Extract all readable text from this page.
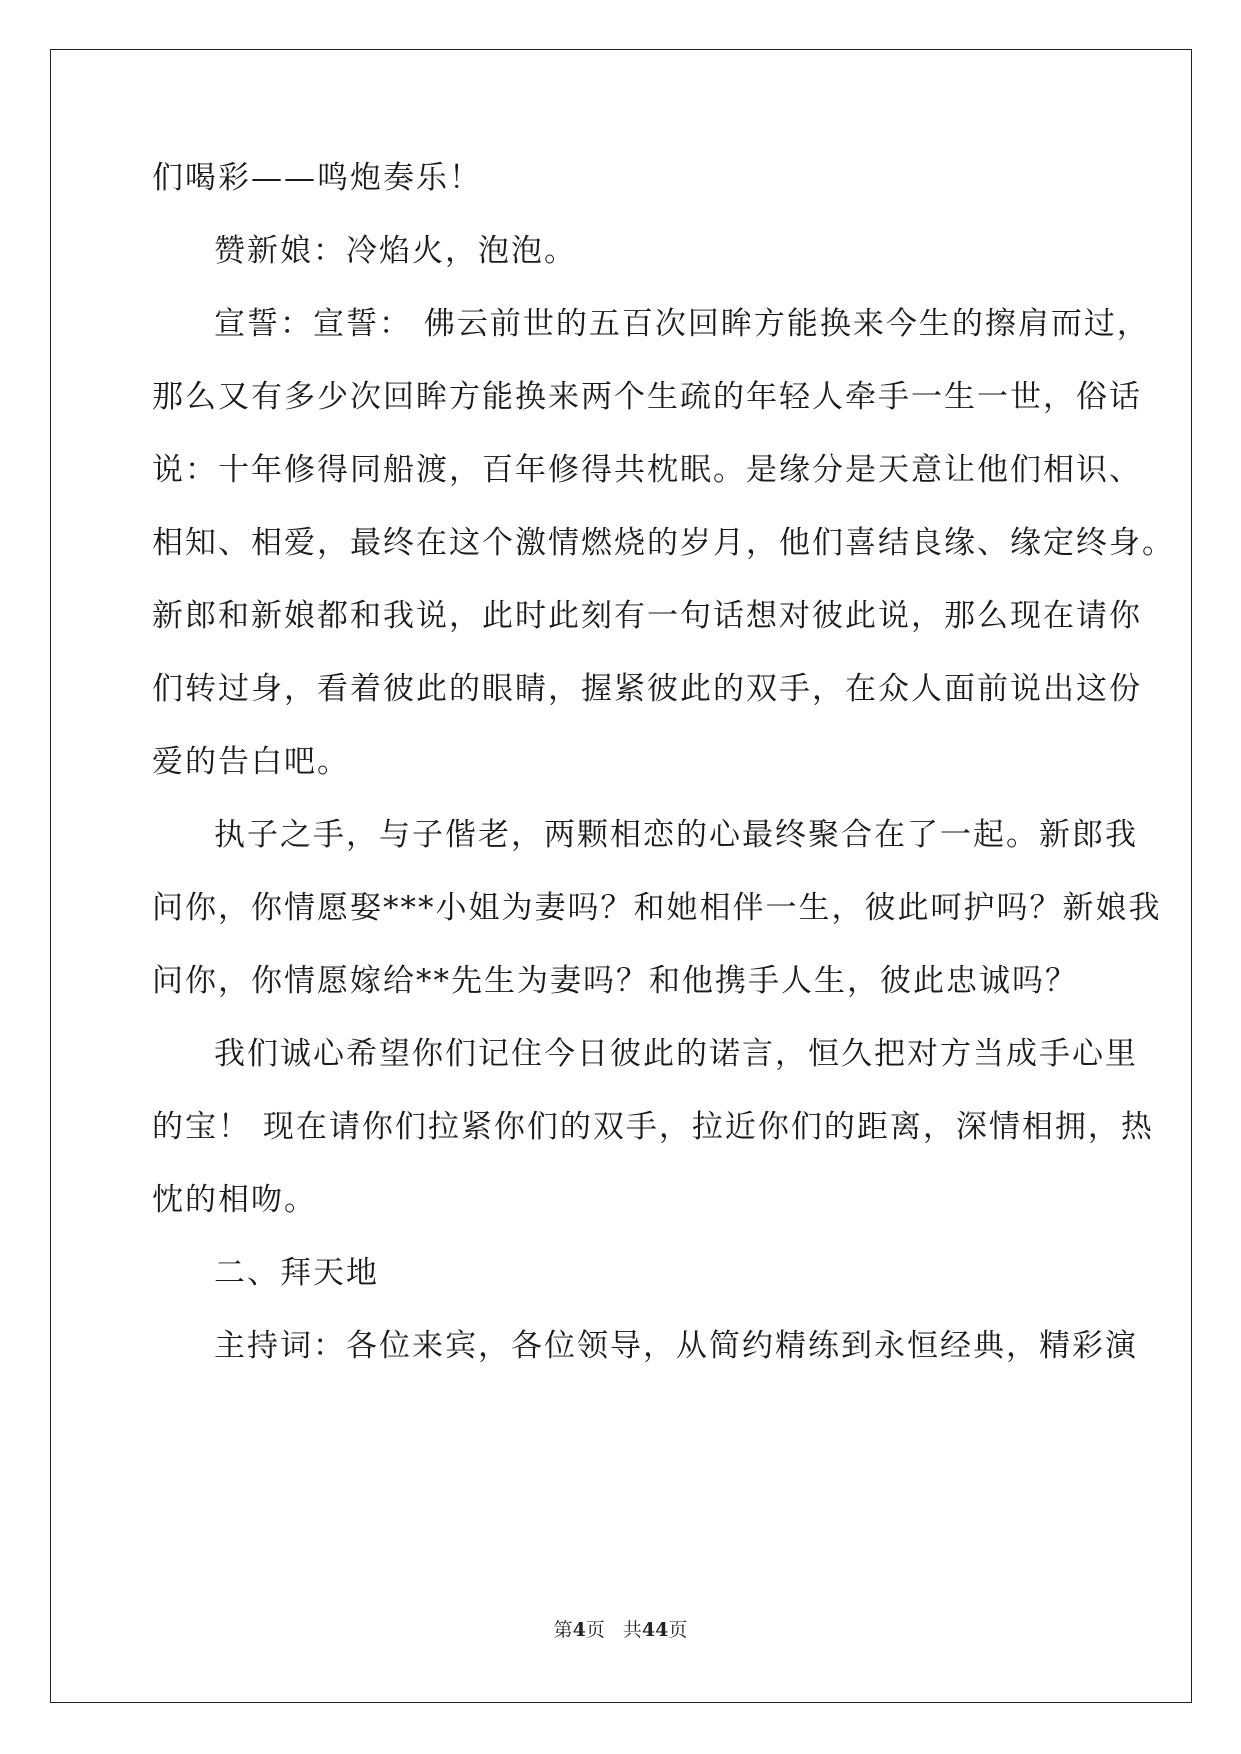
们喝彩——鸣炮奏乐！
赞新娘：冷焰火，泡泡。
宣誓：宣誓： 佛云前世的五百次回眸方能换来今生的擦肩而过，
那么又有多少次回眸方能换来两个生疏的年轻人牵手一生一世，俗话
说：十年修得同船渡，百年修得共枕眠。是缘分是天意让他们相识、
相知、相爱，最终在这个激情燃烧的岁月，他们喜结良缘、缘定终身。
新郎和新娘都和我说，此时此刻有一句话想对彼此说，那么现在请你
们转过身，看着彼此的眼睛，握紧彼此的双手，在众人面前说出这份
爱的告白吧。
执子之手，与子偕老，两颗相恋的心最终聚合在了一起。新郎我
问你，你情愿娶***小姐为妻吗？和她相伴一生，彼此呵护吗？新娘我
问你，你情愿嫁给**先生为妻吗？和他携手人生，彼此忠诚吗？
我们诚心希望你们记住今日彼此的诺言，恒久把对方当成手心里
的宝！ 现在请你们拉紧你们的双手，拉近你们的距离，深情相拥，热
忱的相吻。
二、拜天地
主持词：各位来宾，各位领导，从简约精练到永恒经典，精彩演
第4页 共44页
